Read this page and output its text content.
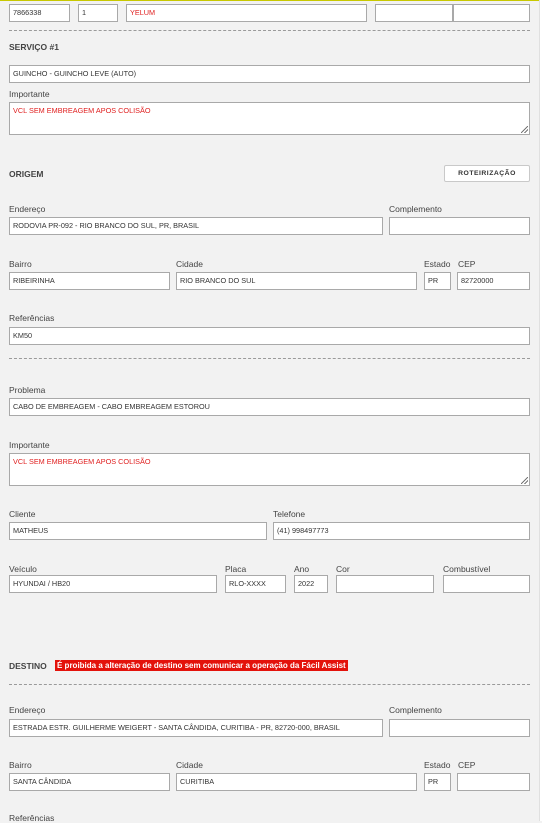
7866338	1	YELUM
SERVIÇO #1
GUINCHO - GUINCHO LEVE (AUTO)
Importante
VCL SEM EMBREAGEM APOS COLISÃO
ORIGEM	ROTEIRIZAÇÃO
Endereço
RODOVIA PR-092 - RIO BRANCO DO SUL, PR, BRASIL
Complemento
Bairro
RIBEIRINHA
Cidade
RIO BRANCO DO SUL
Estado
PR
CEP
82720000
Referências
KM50
Problema
CABO DE EMBREAGEM - CABO EMBREAGEM ESTOROU
Importante
VCL SEM EMBREAGEM APOS COLISÃO
Cliente
MATHEUS
Telefone
(41) 998497773
Veículo
HYUNDAI / HB20
Placa
RLO-XXXX
Ano
2022
Cor	Combustível
DESTINO É proibida a alteração de destino sem comunicar a operação da Fácil Assist
Endereço
ESTRADA ESTR. GUILHERME WEIGERT - SANTA CÂNDIDA, CURITIBA - PR, 82720-000, BRASIL
Complemento
Bairro
SANTA CÂNDIDA
Cidade
CURITIBA
Estado
PR
CEP
Referências
